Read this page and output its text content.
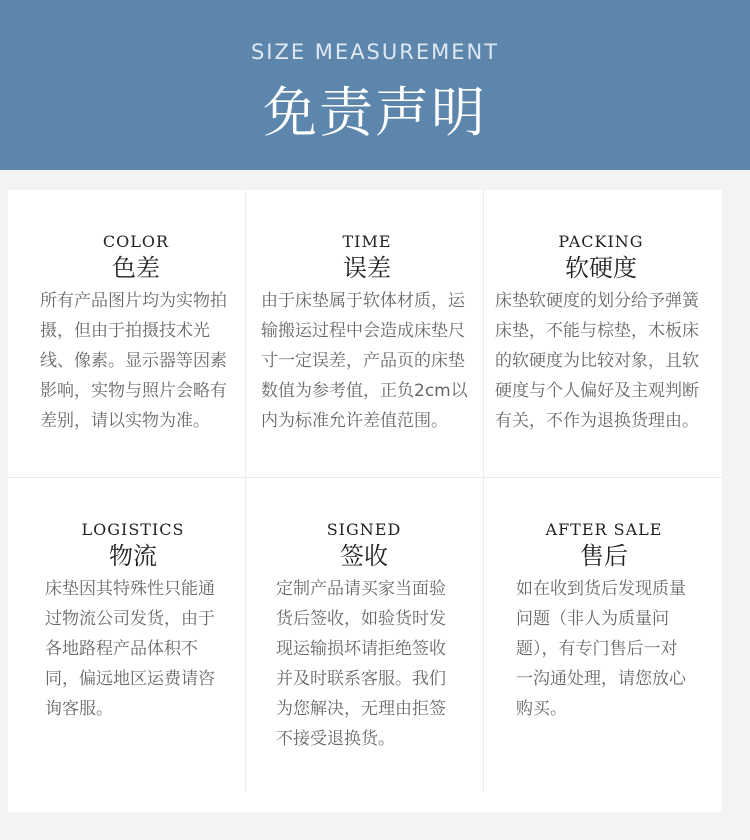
SIZE MEASUREMENT
免责声明
COLOR
色差
所有产品图片均为实物拍摄，但由于拍摄技术光线、像素。显示器等因素影响，实物与照片会略有差别，请以实物为准。
TIME
误差
由于床垫属于软体材质，运输搬运过程中会造成床垫尺寸一定误差，产品页的床垫数值为参考值，正负2cm以内为标准允许差值范围。
PACKING
软硬度
床垫软硬度的划分给予弹簧床垫，不能与棕垫，木板床的软硬度为比较对象，且软硬度与个人偏好及主观判断有关，不作为退换货理由。
LOGISTICS
物流
床垫因其特殊性只能通过物流公司发货，由于各地路程产品体积不同，偏远地区运费请咨询客服。
SIGNED
签收
定制产品请买家当面验货后签收，如验货时发现运输损坏请拒绝签收并及时联系客服。我们为您解决，无理由拒签不接受退换货。
AFTER SALE
售后
如在收到货后发现质量问题（非人为质量问题），有专门售后一对一沟通处理，请您放心购买。
